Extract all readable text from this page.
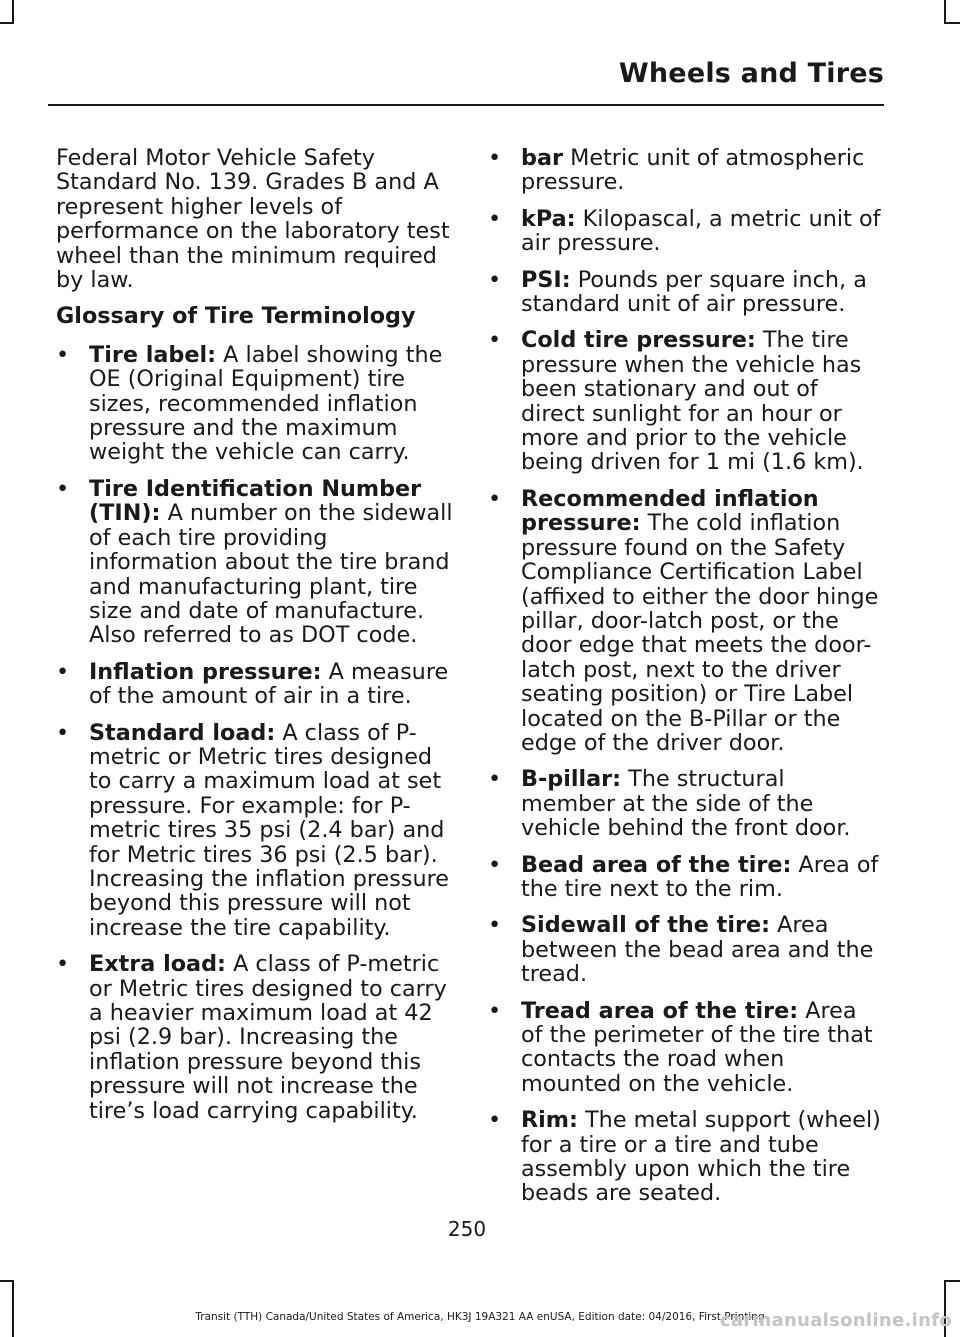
Wheels and Tires

Federal Motor Vehicle Safety Standard No. 139. Grades B and A represent higher levels of performance on the laboratory test wheel than the minimum required by law.

Glossary of Tire Terminology
• Tire label: A label showing the OE (Original Equipment) tire sizes, recommended inflation pressure and the maximum weight the vehicle can carry.
• Tire Identification Number (TIN): A number on the sidewall of each tire providing information about the tire brand and manufacturing plant, tire size and date of manufacture. Also referred to as DOT code.
• Inflation pressure: A measure of the amount of air in a tire.
• Standard load: A class of P-metric or Metric tires designed to carry a maximum load at set pressure. For example: for P-metric tires 35 psi (2.4 bar) and for Metric tires 36 psi (2.5 bar). Increasing the inflation pressure beyond this pressure will not increase the tire capability.
• Extra load: A class of P-metric or Metric tires designed to carry a heavier maximum load at 42 psi (2.9 bar). Increasing the inflation pressure beyond this pressure will not increase the tire’s load carrying capability.
• bar Metric unit of atmospheric pressure.
• kPa: Kilopascal, a metric unit of air pressure.
• PSI: Pounds per square inch, a standard unit of air pressure.
• Cold tire pressure: The tire pressure when the vehicle has been stationary and out of direct sunlight for an hour or more and prior to the vehicle being driven for 1 mi (1.6 km).
• Recommended inflation pressure: The cold inflation pressure found on the Safety Compliance Certification Label (affixed to either the door hinge pillar, door-latch post, or the door edge that meets the door-latch post, next to the driver seating position) or Tire Label located on the B-Pillar or the edge of the driver door.
• B-pillar: The structural member at the side of the vehicle behind the front door.
• Bead area of the tire: Area of the tire next to the rim.
• Sidewall of the tire: Area between the bead area and the tread.
• Tread area of the tire: Area of the perimeter of the tire that contacts the road when mounted on the vehicle.
• Rim: The metal support (wheel) for a tire or a tire and tube assembly upon which the tire beads are seated.
250
Transit (TTH) Canada/United States of America, HK3J 19A321 AA enUSA, Edition date: 04/2016, First Printing
carmanualsonline.info
